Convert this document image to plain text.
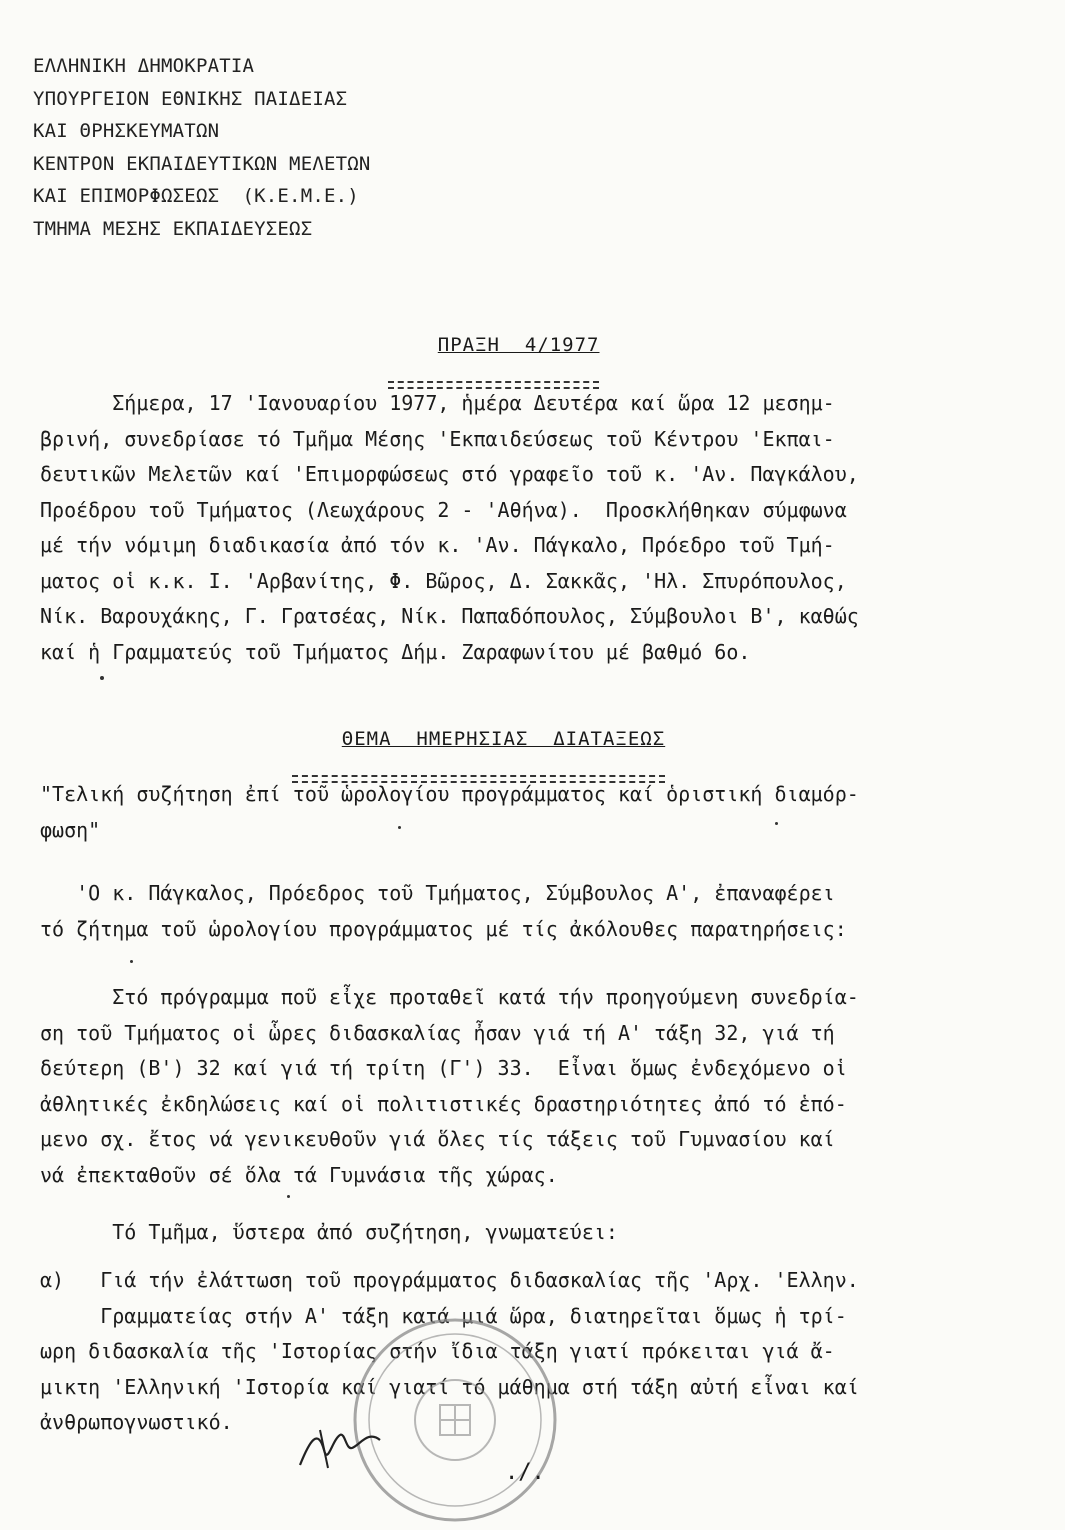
ΕΛΛΗΝΙΚΗ ΔΗΜΟΚΡΑΤΙΑ
ΥΠΟΥΡΓΕΙΟΝ ΕΘΝΙΚΗΣ ΠΑΙΔΕΙΑΣ
ΚΑΙ ΘΡΗΣΚΕΥΜΑΤΩΝ
ΚΕΝΤΡΟΝ ΕΚΠΑΙΔΕΥΤΙΚΩΝ ΜΕΛΕΤΩΝ
ΚΑΙ ΕΠΙΜΟΡΦΩΣΕΩΣ  (Κ.Ε.Μ.Ε.)
ΤΜΗΜΑ ΜΕΣΗΣ ΕΚΠΑΙΔΕΥΣΕΩΣ

ΠΡΑΞΗ  4/1977

Σήμερα, 17 'Ιανουαρίου 1977, ἡμέρα Δευτέρα καί ὥρα 12 μεσημ-
βρινή, συνεδρίασε τό Τμῆμα Μέσης 'Εκπαιδεύσεως τοῦ Κέντρου 'Εκπαι-
δευτικῶν Μελετῶν καί 'Επιμορφώσεως στό γραφεῖο τοῦ κ. 'Αν. Παγκάλου,
Προέδρου τοῦ Τμήματος (Λεωχάρους 2 - 'Αθήνα).  Προσκλήθηκαν σύμφωνα
μέ τήν νόμιμη διαδικασία ἀπό τόν κ. 'Αν. Πάγκαλο, Πρόεδρο τοῦ Τμή-
ματος οἱ κ.κ. Ι. 'Αρβανίτης, Φ. Βῶρος, Δ. Σακκᾶς, 'Ηλ. Σπυρόπουλος,
Νίκ. Βαρουχάκης, Γ. Γρατσέας, Νίκ. Παπαδόπουλος, Σύμβουλοι Β', καθώς
καί ἡ Γραμματεύς τοῦ Τμήματος Δήμ. Ζαραφωνίτου μέ βαθμό 6ο.

ΘΕΜΑ  ΗΜΕΡΗΣΙΑΣ  ΔΙΑΤΑΞΕΩΣ

"Τελική συζήτηση ἐπί τοῦ ὡρολογίου προγράμματος καί ὁριστική διαμόρ-
φωση"
'Ο κ. Πάγκαλος, Πρόεδρος τοῦ Τμήματος, Σύμβουλος Α', ἐπαναφέρει
τό ζήτημα τοῦ ὡρολογίου προγράμματος μέ τίς ἀκόλουθες παρατηρήσεις:
Στό πρόγραμμα ποῦ εἶχε προταθεῖ κατά τήν προηγούμενη συνεδρία-
ση τοῦ Τμήματος οἱ ὧρες διδασκαλίας ἦσαν γιά τή Α' τάξη 32, γιά τή
δεύτερη (Β') 32 καί γιά τή τρίτη (Γ') 33.  Εἶναι ὅμως ἐνδεχόμενο οἱ
ἀθλητικές ἐκδηλώσεις καί οἱ πολιτιστικές δραστηριότητες ἀπό τό ἑπό-
μενο σχ. ἔτος νά γενικευθοῦν γιά ὅλες τίς τάξεις τοῦ Γυμνασίου καί
νά ἐπεκταθοῦν σέ ὅλα τά Γυμνάσια τῆς χώρας.
Τό Τμῆμα, ὕστερα ἀπό συζήτηση, γνωματεύει:
α)   Γιά τήν ἐλάττωση τοῦ προγράμματος διδασκαλίας τῆς 'Αρχ. 'Ελλην.
Γραμματείας στήν Α' τάξη κατά μιά ὥρα, διατηρεῖται ὅμως ἡ τρί-
ωρη διδασκαλία τῆς 'Ιστορίας στήν ἴδια τάξη γιατί πρόκειται γιά ἄ-
μικτη 'Ελληνική 'Ιστορία καί γιατί τό μάθημα στή τάξη αὐτή εἶναι καί
ἀνθρωπογνωστικό.
./.
